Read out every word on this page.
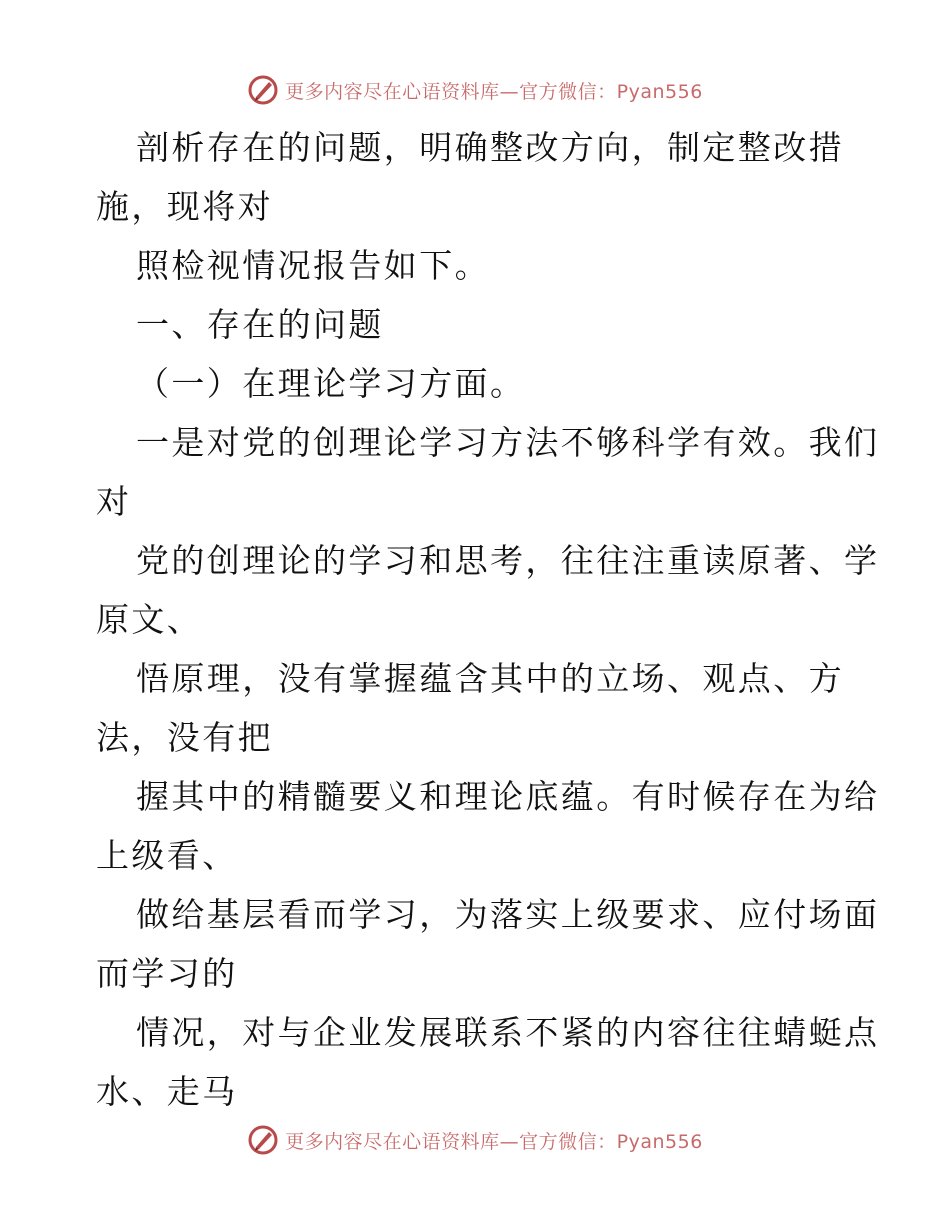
更多内容尽在心语资料库—官方微信：Pyan556

剖析存在的问题，明确整改方向，制定整改措
施，现将对

照检视情况报告如下。

一、存在的问题

（一）在理论学习方面。

一是对党的创理论学习方法不够科学有效。我们
对

党的创理论的学习和思考，往往注重读原著、学
原文、

悟原理，没有掌握蕴含其中的立场、观点、方
法，没有把

握其中的精髓要义和理论底蕴。有时候存在为给
上级看、

做给基层看而学习，为落实上级要求、应付场面
而学习的

情况，对与企业发展联系不紧的内容往往蜻蜓点
水、走马

更多内容尽在心语资料库—官方微信：Pyan556
